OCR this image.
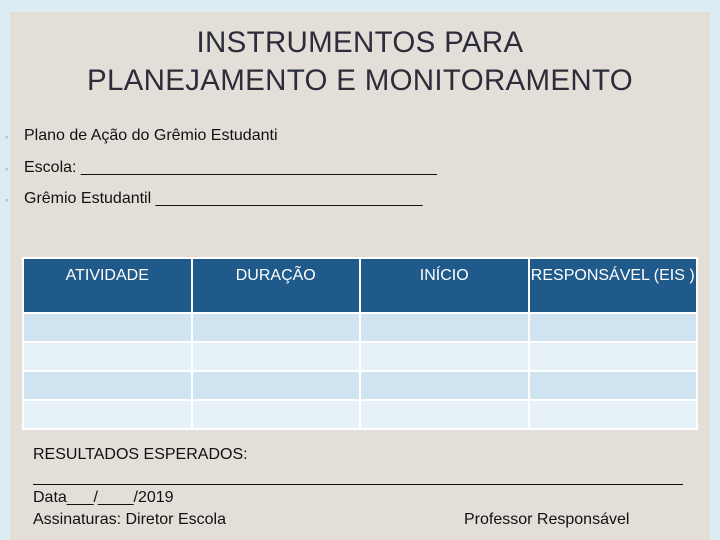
INSTRUMENTOS PARA
PLANEJAMENTO E MONITORAMENTO
◦ Plano de Ação do Grêmio Estudanti
◦ Escola: ________________________________________
◦ Grêmio Estudantil ______________________________
ATIVIDADE	DURAÇÃO	INÍCIO	RESPONSÁVEL (EIS )

RESULTADOS ESPERADOS:
Data___/____/2019
Assinaturas: Diretor Escola	Professor Responsável
